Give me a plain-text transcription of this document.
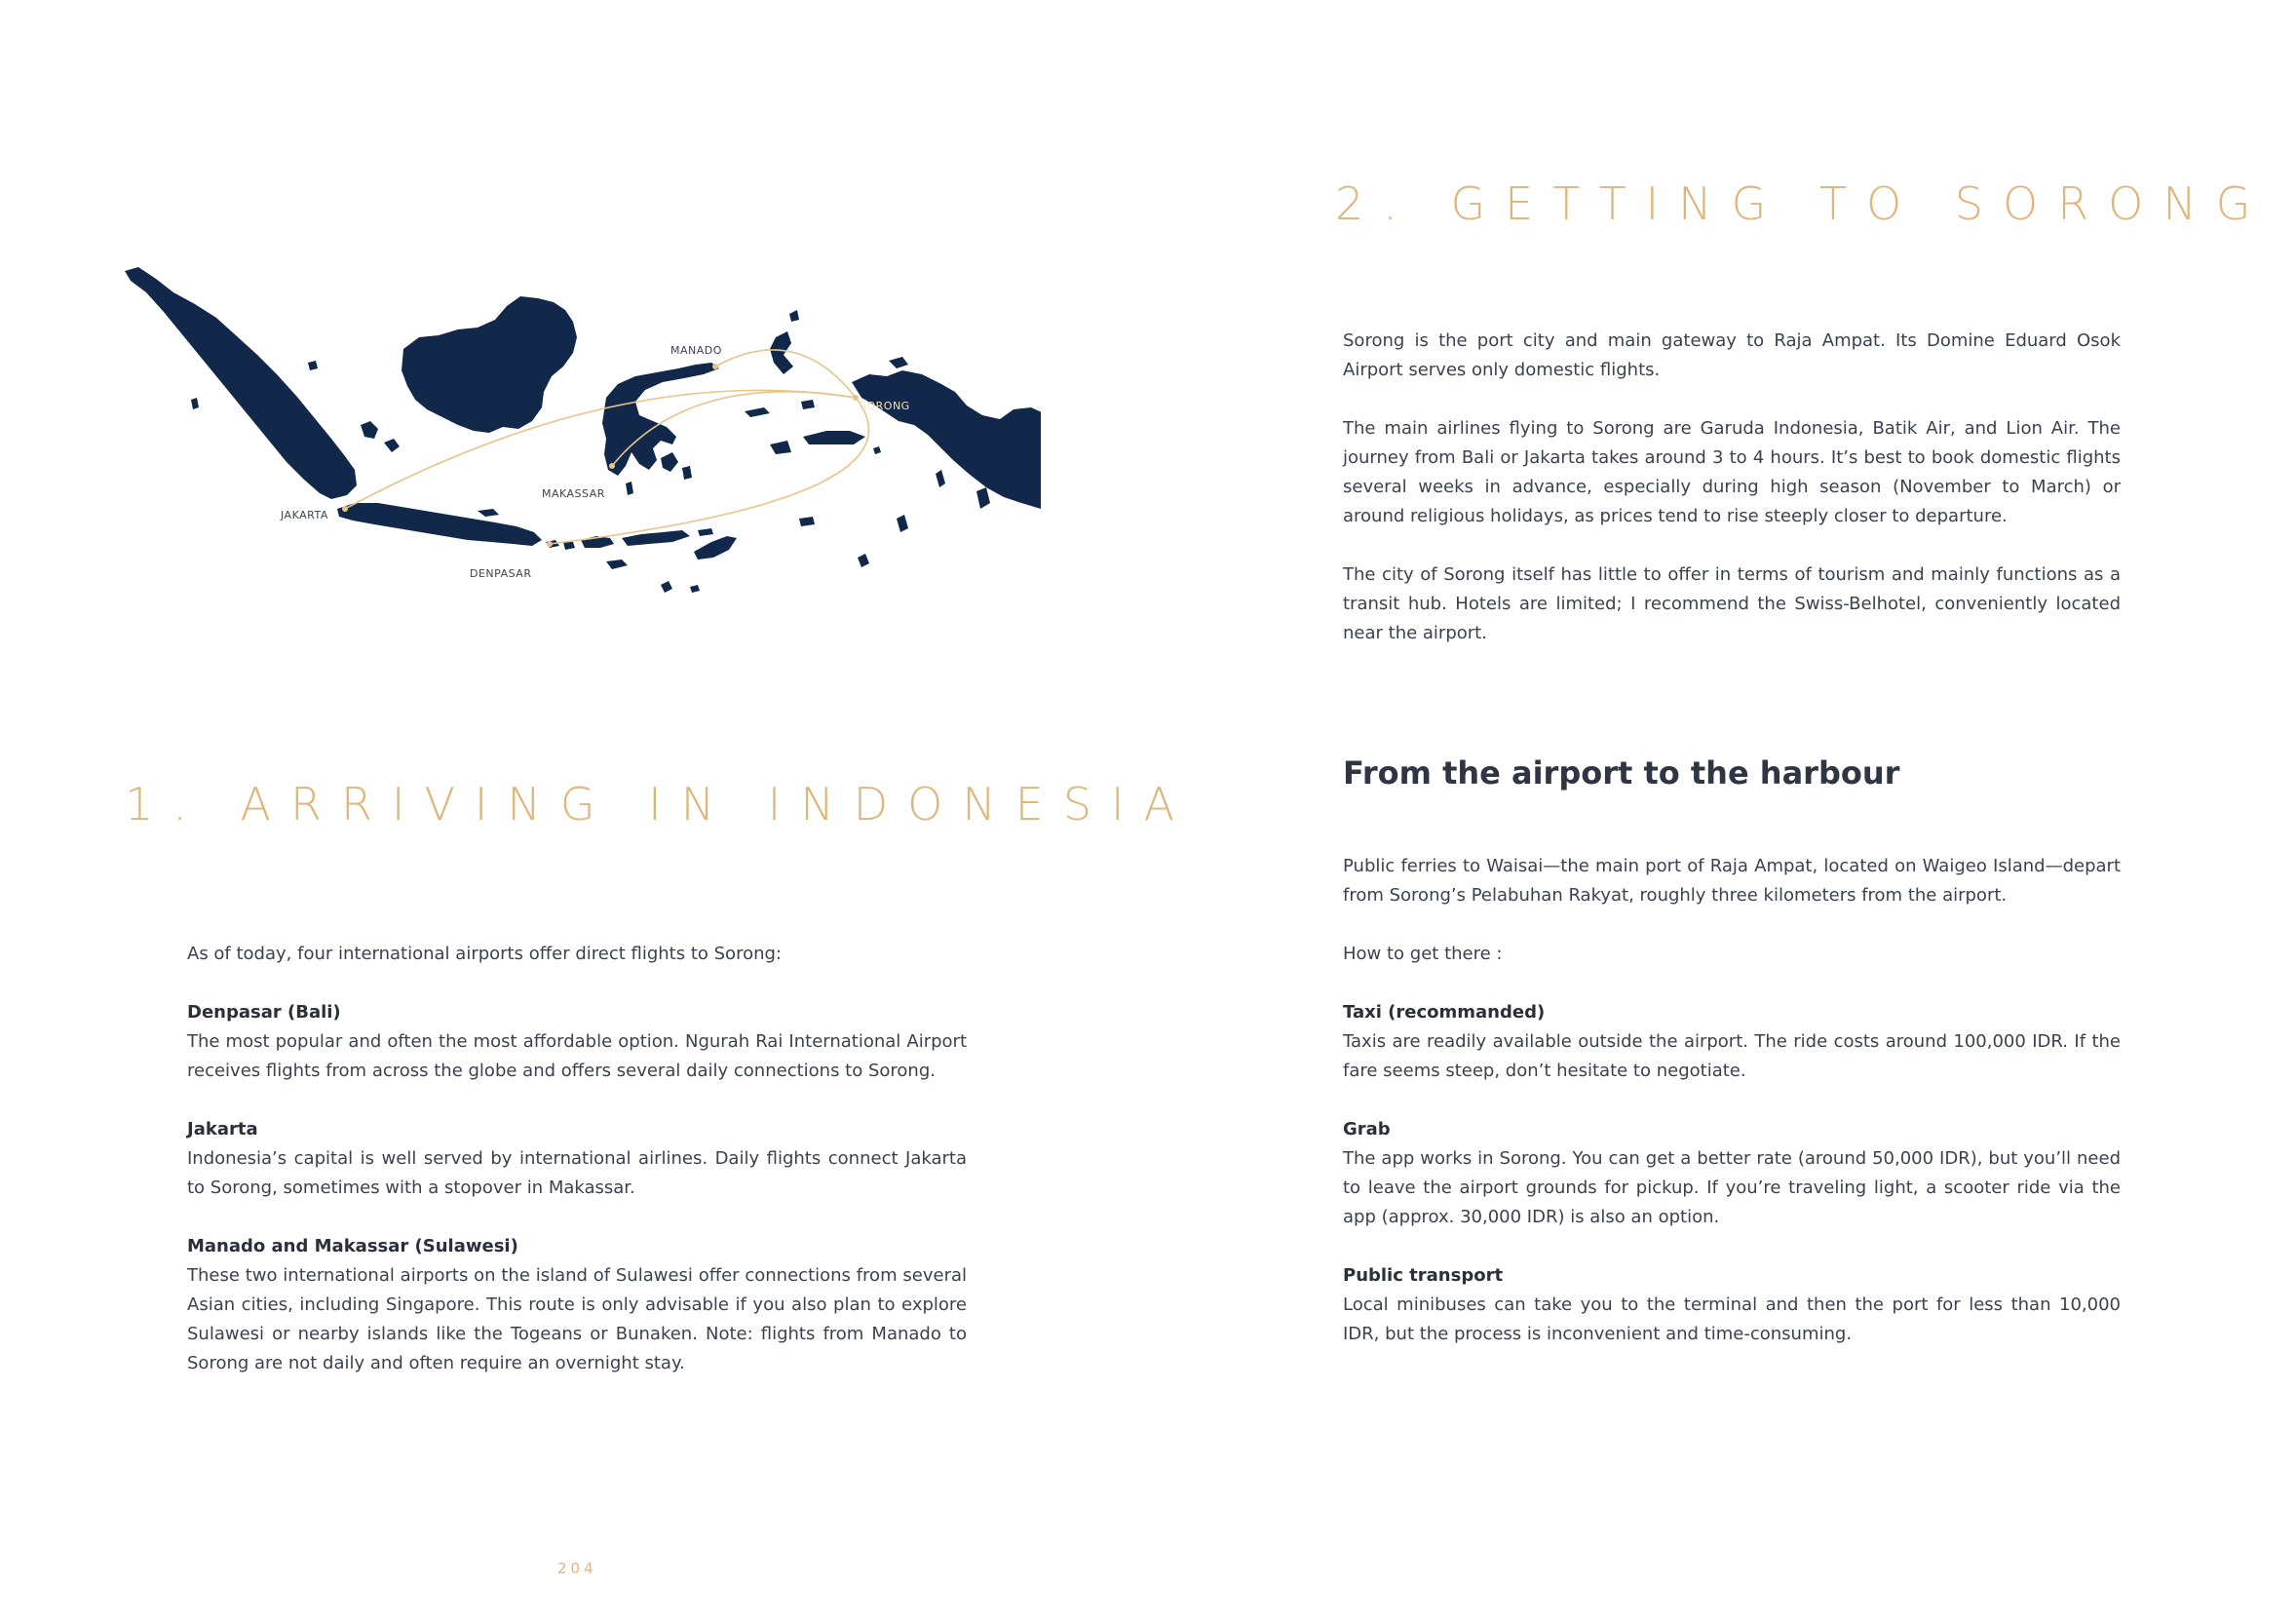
MANADO
SORONG
MAKASSAR
JAKARTA
DENPASAR
1. ARRIVING IN INDONESIA

As of today, four international airports offer direct flights to Sorong:

Denpasar (Bali)
The most popular and often the most affordable option. Ngurah Rai International Airport receives flights from across the globe and offers several daily connections to Sorong.

Jakarta
Indonesia’s capital is well served by international airlines. Daily flights connect Jakarta to Sorong, sometimes with a stopover in Makassar.

Manado and Makassar (Sulawesi)
These two international airports on the island of Sulawesi offer connections from several Asian cities, including Singapore. This route is only advisable if you also plan to explore Sulawesi or nearby islands like the Togeans or Bunaken. Note: flights from Manado to Sorong are not daily and often require an overnight stay.

204
2. GETTING TO SORONG

Sorong is the port city and main gateway to Raja Ampat. Its Domine Eduard Osok Airport serves only domestic flights.

The main airlines flying to Sorong are Garuda Indonesia, Batik Air, and Lion Air. The journey from Bali or Jakarta takes around 3 to 4 hours. It’s best to book domestic flights several weeks in advance, especially during high season (November to March) or around religious holidays, as prices tend to rise steeply closer to departure.

The city of Sorong itself has little to offer in terms of tourism and mainly functions as a transit hub. Hotels are limited; I recommend the Swiss-Belhotel, conveniently located near the airport.

From the airport to the harbour

Public ferries to Waisai—the main port of Raja Ampat, located on Waigeo Island—depart from Sorong’s Pelabuhan Rakyat, roughly three kilometers from the airport.

How to get there :

Taxi (recommanded)
Taxis are readily available outside the airport. The ride costs around 100,000 IDR. If the fare seems steep, don’t hesitate to negotiate.

Grab
The app works in Sorong. You can get a better rate (around 50,000 IDR), but you’ll need to leave the airport grounds for pickup. If you’re traveling light, a scooter ride via the app (approx. 30,000 IDR) is also an option.

Public transport
Local minibuses can take you to the terminal and then the port for less than 10,000 IDR, but the process is inconvenient and time-consuming.
